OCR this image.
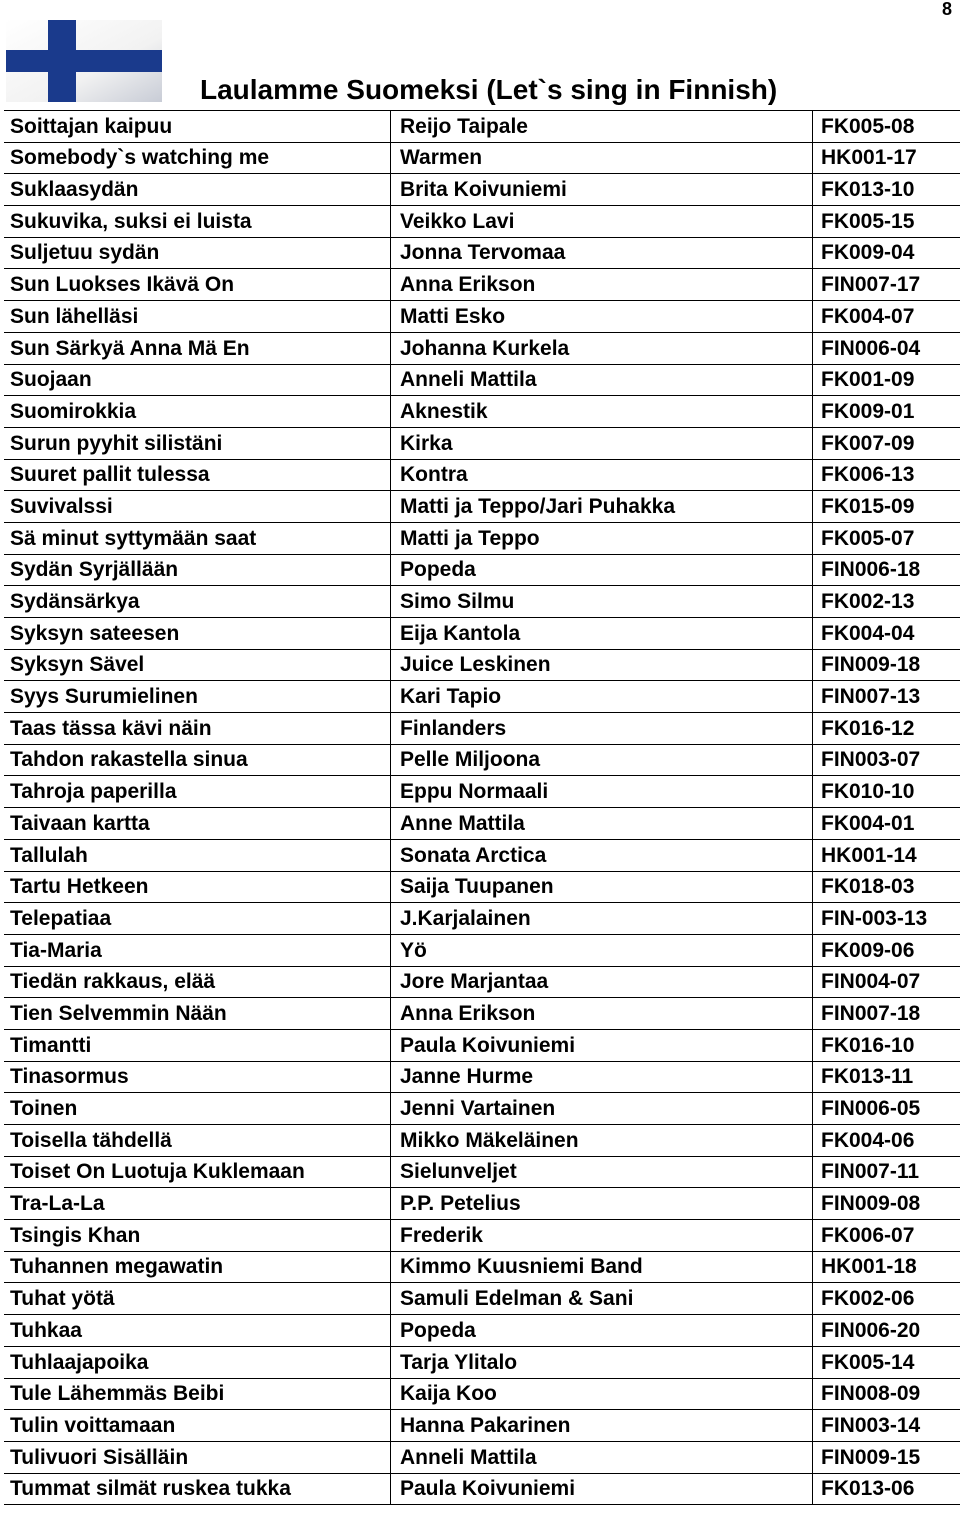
8
Laulamme Suomeksi (Let`s sing in Finnish)
Soittajan kaipuu	Reijo Taipale	FK005-08
Somebody`s watching me	Warmen	HK001-17
Suklaasydän	Brita Koivuniemi	FK013-10
Sukuvika, suksi ei luista	Veikko Lavi	FK005-15
Suljetuu sydän	Jonna Tervomaa	FK009-04
Sun Luokses Ikävä On	Anna Erikson	FIN007-17
Sun lähelläsi	Matti Esko	FK004-07
Sun Särkyä Anna Mä En	Johanna Kurkela	FIN006-04
Suojaan	Anneli Mattila	FK001-09
Suomirokkia	Aknestik	FK009-01
Surun pyyhit silistäni	Kirka	FK007-09
Suuret pallit tulessa	Kontra	FK006-13
Suvivalssi	Matti ja Teppo/Jari Puhakka	FK015-09
Sä minut syttymään saat	Matti ja Teppo	FK005-07
Sydän Syrjällään	Popeda	FIN006-18
Sydänsärkya	Simo Silmu	FK002-13
Syksyn sateesen	Eija Kantola	FK004-04
Syksyn Sävel	Juice Leskinen	FIN009-18
Syys Surumielinen	Kari Tapio	FIN007-13
Taas tässa kävi näin	Finlanders	FK016-12
Tahdon rakastella sinua	Pelle Miljoona	FIN003-07
Tahroja paperilla	Eppu Normaali	FK010-10
Taivaan kartta	Anne Mattila	FK004-01
Tallulah	Sonata Arctica	HK001-14
Tartu Hetkeen	Saija Tuupanen	FK018-03
Telepatiaa	J.Karjalainen	FIN-003-13
Tia-Maria	Yö	FK009-06
Tiedän rakkaus, elää	Jore Marjantaa	FIN004-07
Tien Selvemmin Nään	Anna Erikson	FIN007-18
Timantti	Paula Koivuniemi	FK016-10
Tinasormus	Janne Hurme	FK013-11
Toinen	Jenni Vartainen	FIN006-05
Toisella tähdellä	Mikko Mäkeläinen	FK004-06
Toiset On Luotuja Kuklemaan	Sielunveljet	FIN007-11
Tra-La-La	P.P. Petelius	FIN009-08
Tsingis Khan	Frederik	FK006-07
Tuhannen megawatin	Kimmo Kuusniemi Band	HK001-18
Tuhat yötä	Samuli Edelman & Sani	FK002-06
Tuhkaa	Popeda	FIN006-20
Tuhlaajapoika	Tarja Ylitalo	FK005-14
Tule Lähemmäs Beibi	Kaija Koo	FIN008-09
Tulin voittamaan	Hanna Pakarinen	FIN003-14
Tulivuori Sisälläin	Anneli Mattila	FIN009-15
Tummat silmät ruskea tukka	Paula Koivuniemi	FK013-06
